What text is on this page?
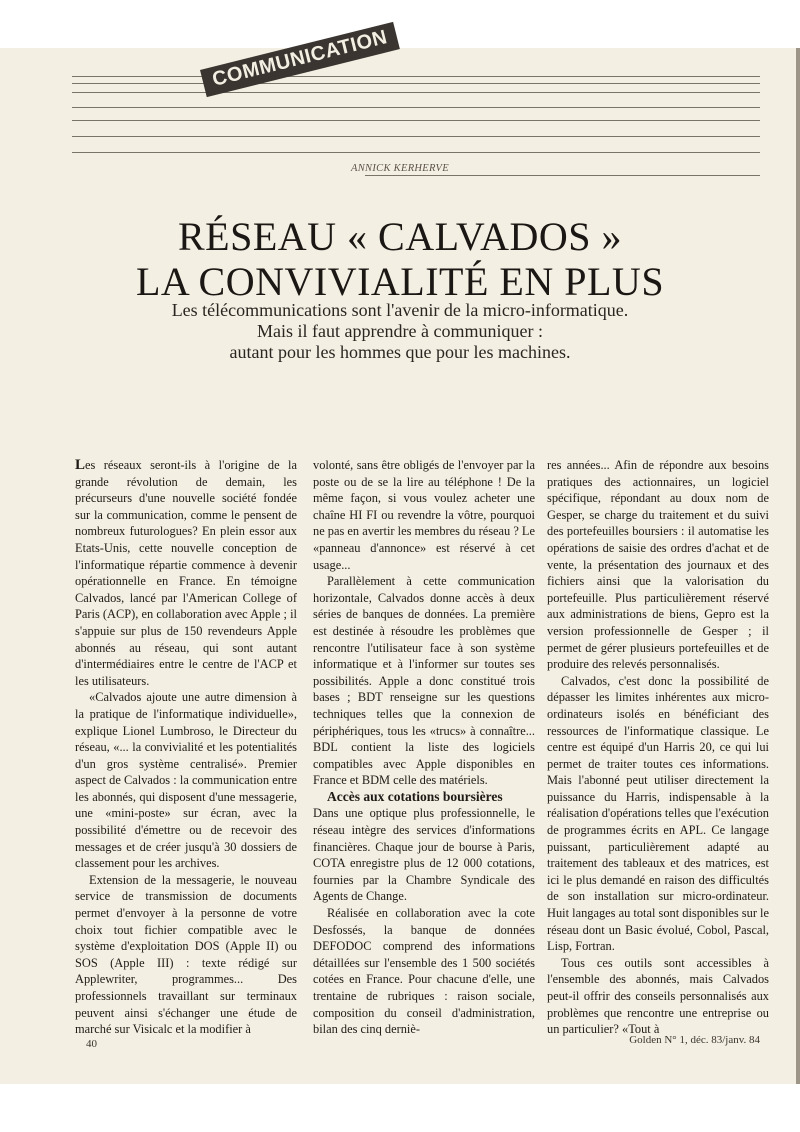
COMMUNICATION
ANNICK KERHERVE
RÉSEAU « CALVADOS »
LA CONVIVIALITÉ EN PLUS
Les télécommunications sont l'avenir de la micro-informatique.
Mais il faut apprendre à communiquer :
autant pour les hommes que pour les machines.

Les réseaux seront-ils à l'origine de la grande révolution de demain, les précurseurs d'une nouvelle société fondée sur la communication, comme le pensent de nombreux futurologues? En plein essor aux Etats-Unis, cette nouvelle conception de l'informatique répartie commence à devenir opérationnelle en France. En témoigne Calvados, lancé par l'American College of Paris (ACP), en collaboration avec Apple ; il s'appuie sur plus de 150 revendeurs Apple abonnés au réseau, qui sont autant d'intermédiaires entre le centre de l'ACP et les utilisateurs.

«Calvados ajoute une autre dimension à la pratique de l'informatique individuelle», explique Lionel Lumbroso, le Directeur du réseau, «... la convivialité et les potentialités d'un gros système centralisé». Premier aspect de Calvados : la communication entre les abonnés, qui disposent d'une messagerie, une «mini-poste» sur écran, avec la possibilité d'émettre ou de recevoir des messages et de créer jusqu'à 30 dossiers de classement pour les archives.

Extension de la messagerie, le nouveau service de transmission de documents permet d'envoyer à la personne de votre choix tout fichier compatible avec le système d'exploitation DOS (Apple II) ou SOS (Apple III) : texte rédigé sur Applewriter, programmes... Des professionnels travaillant sur terminaux peuvent ainsi s'échanger une étude de marché sur Visicalc et la modifier à

volonté, sans être obligés de l'envoyer par la poste ou de se la lire au téléphone ! De la même façon, si vous voulez acheter une chaîne HI FI ou revendre la vôtre, pourquoi ne pas en avertir les membres du réseau ? Le «panneau d'annonce» est réservé à cet usage...

Parallèlement à cette communication horizontale, Calvados donne accès à deux séries de banques de données. La première est destinée à résoudre les problèmes que rencontre l'utilisateur face à son système informatique et à l'informer sur toutes ses possibilités. Apple a donc constitué trois bases ; BDT renseigne sur les questions techniques telles que la connexion de périphériques, tous les «trucs» à connaître... BDL contient la liste des logiciels compatibles avec Apple disponibles en France et BDM celle des matériels.

Accès aux cotations boursières

Dans une optique plus professionnelle, le réseau intègre des services d'informations financières. Chaque jour de bourse à Paris, COTA enregistre plus de 12 000 cotations, fournies par la Chambre Syndicale des Agents de Change.

Réalisée en collaboration avec la cote Desfossés, la banque de données DEFODOC comprend des informations détaillées sur l'ensemble des 1 500 sociétés cotées en France. Pour chacune d'elle, une trentaine de rubriques : raison sociale, composition du conseil d'administration, bilan des cinq derniè-

res années... Afin de répondre aux besoins pratiques des actionnaires, un logiciel spécifique, répondant au doux nom de Gesper, se charge du traitement et du suivi des portefeuilles boursiers : il automatise les opérations de saisie des ordres d'achat et de vente, la présentation des journaux et des fichiers ainsi que la valorisation du portefeuille. Plus particulièrement réservé aux administrations de biens, Gepro est la version professionnelle de Gesper ; il permet de gérer plusieurs portefeuilles et de produire des relevés personnalisés.

Calvados, c'est donc la possibilité de dépasser les limites inhérentes aux micro-ordinateurs isolés en bénéficiant des ressources de l'informatique classique. Le centre est équipé d'un Harris 20, ce qui lui permet de traiter toutes ces informations. Mais l'abonné peut utiliser directement la puissance du Harris, indispensable à la réalisation d'opérations telles que l'exécution de programmes écrits en APL. Ce langage puissant, particulièrement adapté au traitement des tableaux et des matrices, est ici le plus demandé en raison des difficultés de son installation sur micro-ordinateur. Huit langages au total sont disponibles sur le réseau dont un Basic évolué, Cobol, Pascal, Lisp, Fortran.

Tous ces outils sont accessibles à l'ensemble des abonnés, mais Calvados peut-il offrir des conseils personnalisés aux problèmes que rencontre une entreprise ou un particulier? «Tout à

40	Golden N° 1, déc. 83/janv. 84
